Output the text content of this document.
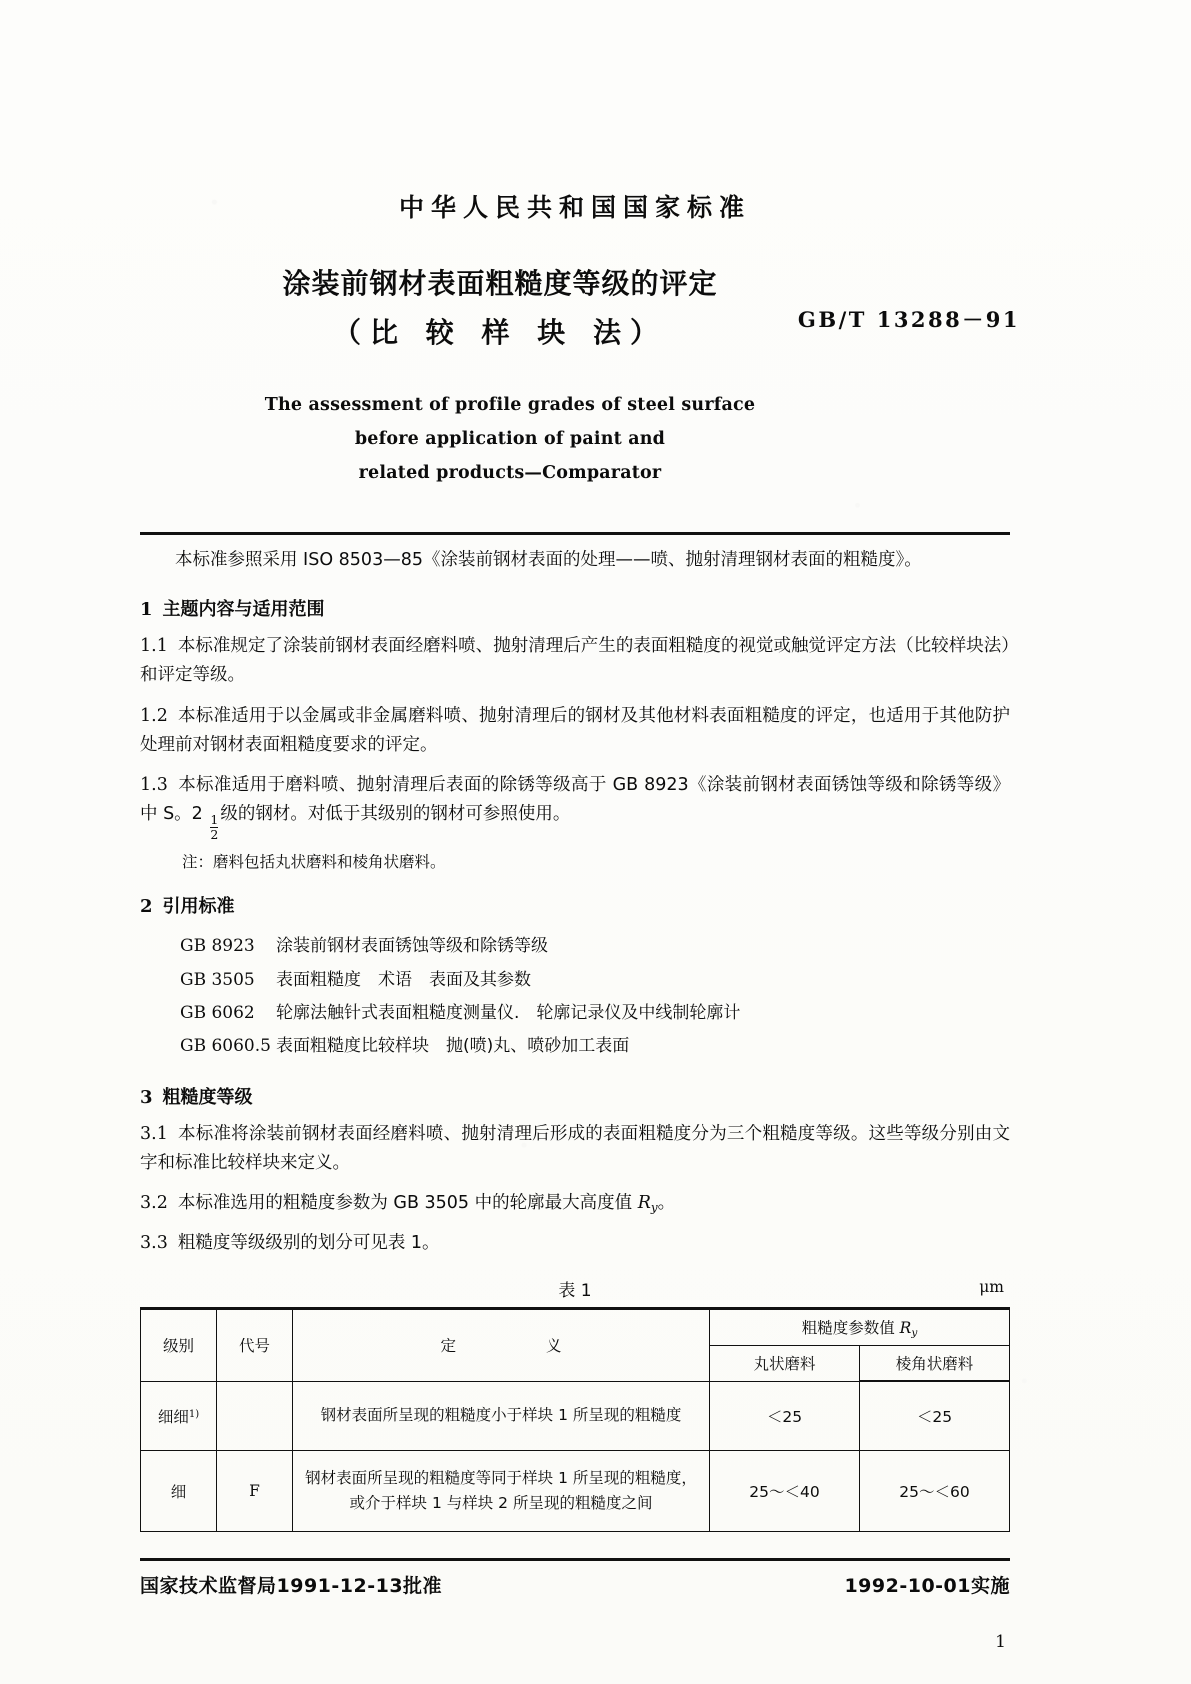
中华人民共和国国家标准
涂装前钢材表面粗糙度等级的评定
（比 较 样 块 法）	GB/T 13288－91
The assessment of profile grades of steel surface
before application of paint and
related products—Comparator
本标准参照采用 ISO 8503—85《涂装前钢材表面的处理——喷、抛射清理钢材表面的粗糙度》。
1 主题内容与适用范围
1.1 本标准规定了涂装前钢材表面经磨料喷、抛射清理后产生的表面粗糙度的视觉或触觉评定方法（比较样块法）和评定等级。
1.2 本标准适用于以金属或非金属磨料喷、抛射清理后的钢材及其他材料表面粗糙度的评定，也适用于其他防护处理前对钢材表面粗糙度要求的评定。
1.3 本标准适用于磨料喷、抛射清理后表面的除锈等级高于 GB 8923《涂装前钢材表面锈蚀等级和除锈等级》中 S。2
$\frac{1}{2}$
级的钢材。对低于其级别的钢材可参照使用。
注：磨料包括丸状磨料和棱角状磨料。
2 引用标准
GB 8923 涂装前钢材表面锈蚀等级和除锈等级
GB 3505 表面粗糙度　术语　表面及其参数
GB 6062 轮廓法触针式表面粗糙度测量仪.　轮廓记录仪及中线制轮廓计
GB 6060.5 表面粗糙度比较样块　抛(喷)丸、喷砂加工表面
3 粗糙度等级
3.1 本标准将涂装前钢材表面经磨料喷、抛射清理后形成的表面粗糙度分为三个粗糙度等级。这些等级分别由文字和标准比较样块来定义。
3.2 本标准选用的粗糙度参数为 GB 3505 中的轮廓最大高度值 $R_y$。
3.3 粗糙度等级级别的划分可见表 1。
表 1	μm
级别	代号	定 义	粗糙度参数值 $R_y$
			丸状磨料	棱角状磨料
细细$^{1)}$		钢材表面所呈现的粗糙度小于样块 1 所呈现的粗糙度	＜25	＜25
细	F	钢材表面所呈现的粗糙度等同于样块 1 所呈现的粗糙度，
或介于样块 1 与样块 2 所呈现的粗糙度之间	25～＜40	25～＜60
国家技术监督局1991-12-13批准	1992-10-01实施
1
